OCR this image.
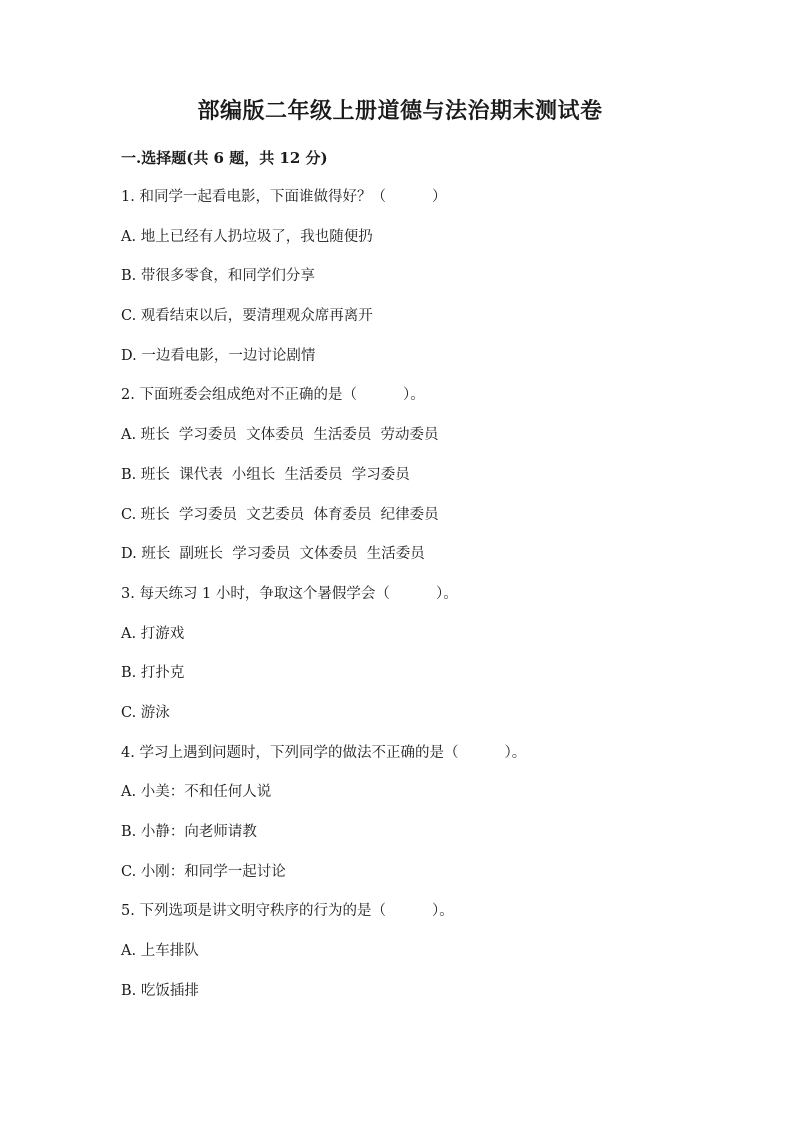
部编版二年级上册道德与法治期末测试卷
一.选择题(共 6 题，共 12 分)
1. 和同学一起看电影，下面谁做得好？（          ）
A. 地上已经有人扔垃圾了，我也随便扔
B. 带很多零食，和同学们分享
C. 观看结束以后，要清理观众席再离开
D. 一边看电影，一边讨论剧情
2. 下面班委会组成绝对不正确的是（          ）。
A. 班长  学习委员  文体委员  生活委员  劳动委员
B. 班长  课代表  小组长  生活委员  学习委员
C. 班长  学习委员  文艺委员  体育委员  纪律委员
D. 班长  副班长  学习委员  文体委员  生活委员
3. 每天练习 1 小时，争取这个暑假学会（          ）。
A. 打游戏
B. 打扑克
C. 游泳
4. 学习上遇到问题时，下列同学的做法不正确的是（          ）。
A. 小美：不和任何人说
B. 小静：向老师请教
C. 小刚：和同学一起讨论
5. 下列选项是讲文明守秩序的行为的是（          ）。
A. 上车排队
B. 吃饭插排
